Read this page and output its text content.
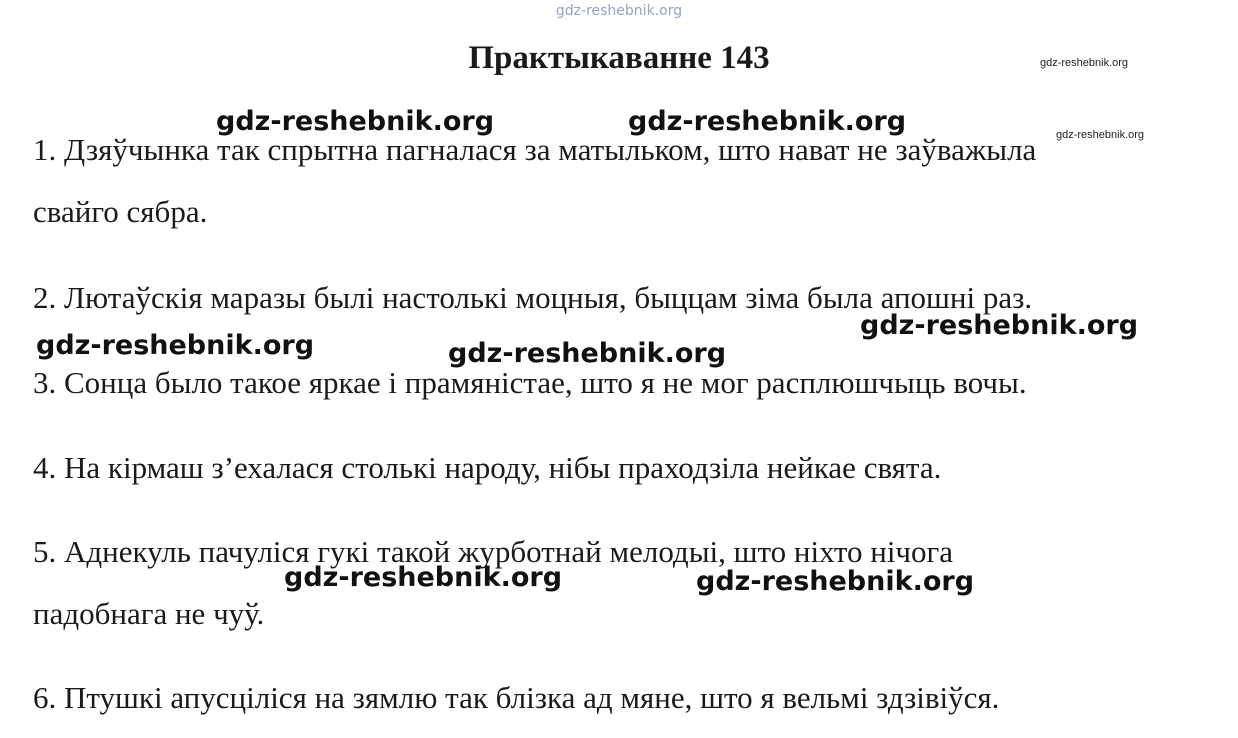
gdz-reshebnik.org
Практыкаванне 143
1. Дзяўчынка так спрытна пагналася за матыльком, што нават не заўважыла
свайго сябра.
2. Лютаўскія маразы былі настолькі моцныя, быццам зіма была апошні раз.
3. Сонца было такое яркае і прамяністае, што я не мог расплюшчыць вочы.
4. На кірмаш з’ехалася столькі народу, нібы праходзіла нейкае свята.
5. Аднекуль пачуліся гукі такой журботнай мелодыі, што ніхто нічога
падобнага не чуў.
6. Птушкі апусціліся на зямлю так блізка ад мяне, што я вельмі здзівіўся.
gdz-reshebnik.org
gdz-reshebnik.org
gdz-reshebnik.org	gdz-reshebnik.org
gdz-reshebnik.org
gdz-reshebnik.org	gdz-reshebnik.org
gdz-reshebnik.org	gdz-reshebnik.org
